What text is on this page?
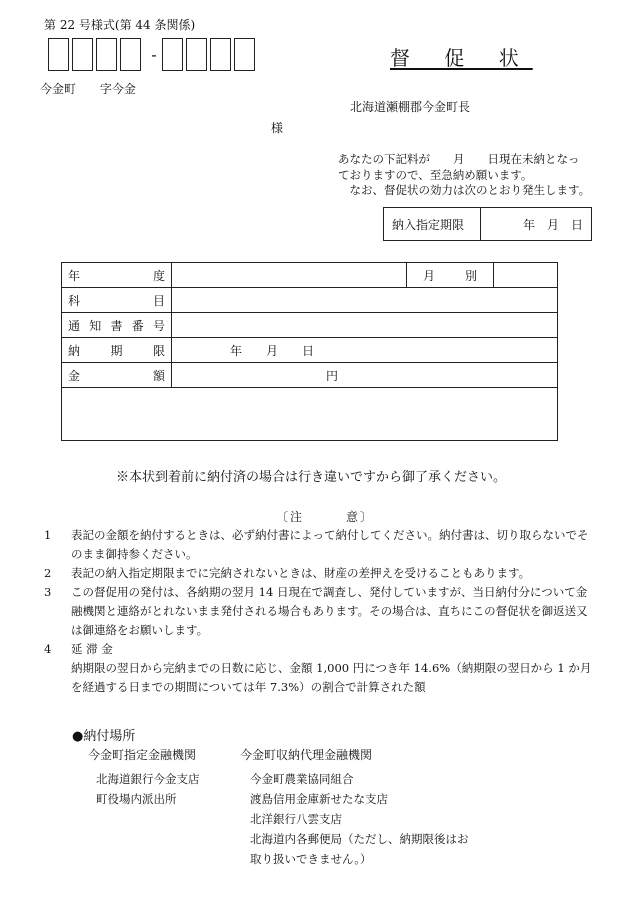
第 22 号様式(第 44 条関係)
-	督 促 状
今金町 字今金
北海道瀬棚郡今金町長
様
あなたの下記料が　　月　　日現在未納となっ
ておりますので、至急納め願います。
　なお、督促状の効力は次のとおり発生します。
納入指定期限	年　月　日
年 度		月 別	

科 目			

通 知 書 番 号			

納 期 限	年　　月　　日		

金 額	円		

※本状到着前に納付済の場合は行き違いですから御了承ください。
〔注　　　意〕
1	表記の金額を納付するときは、必ず納付書によって納付してください。納付書は、切り取らないでそのまま御持参ください。
2	表記の納入指定期限までに完納されないときは、財産の差押えを受けることもあります。
3	この督促用の発付は、各納期の翌月 14 日現在で調査し、発付していますが、当日納付分について金融機関と連絡がとれないまま発付される場合もあります。その場合は、直ちにこの督促状を御返送又は御連絡をお願いします。
4	延 滞 金
納期限の翌日から完納までの日数に応じ、金額 1,000 円につき年 14.6%（納期限の翌日から 1 か月を経過する日までの期間については年 7.3%）の割合で計算された額
●納付場所
今金町指定金融機関
北海道銀行今金支店
町役場内派出所
今金町収納代理金融機関
今金町農業協同組合
渡島信用金庫新せたな支店
北洋銀行八雲支店
北海道内各郵便局（ただし、納期限後はお
取り扱いできません。）
